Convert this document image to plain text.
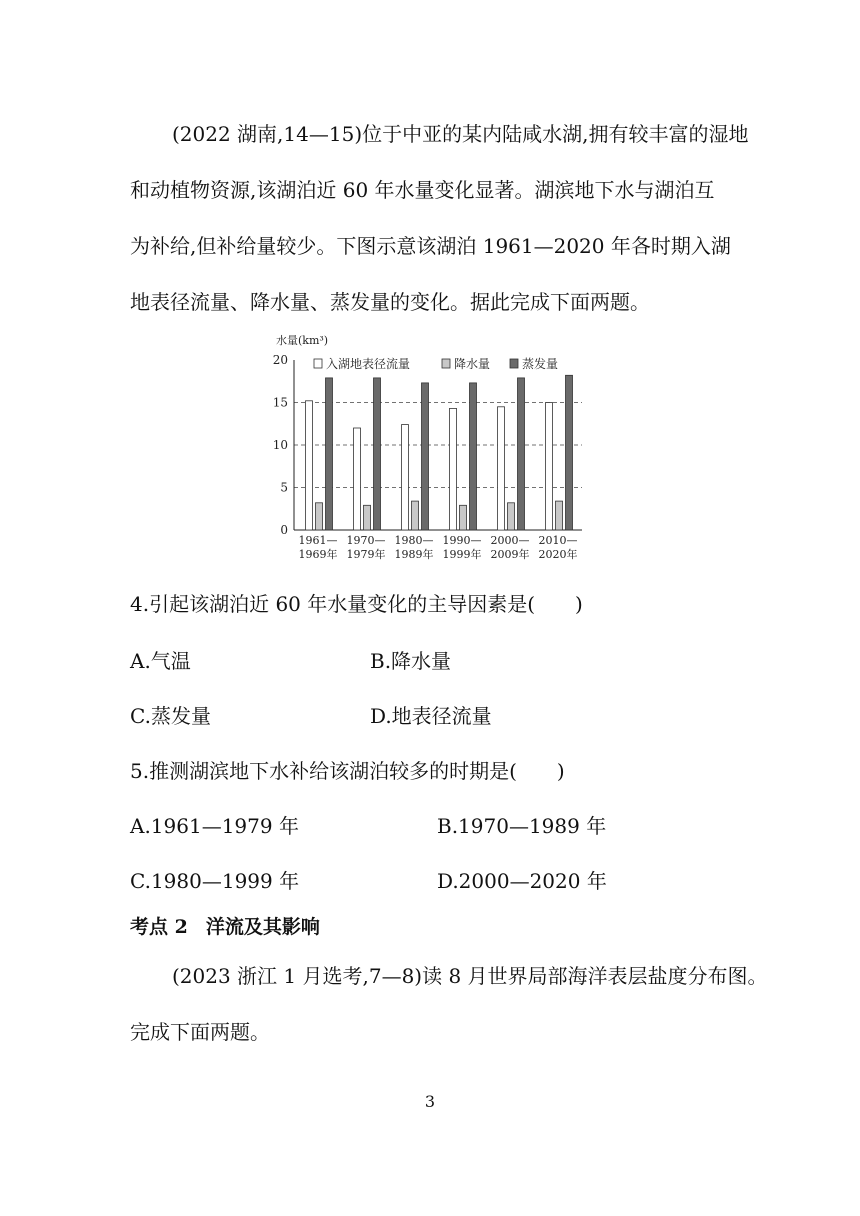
(2022 湖南,14—15)位于中亚的某内陆咸水湖,拥有较丰富的湿地
和动植物资源,该湖泊近 60 年水量变化显著。湖滨地下水与湖泊互
为补给,但补给量较少。下图示意该湖泊 1961—2020 年各时期入湖
地表径流量、降水量、蒸发量的变化。据此完成下面两题。

水量(km³)
0
5
10
15
20
1961—
1969年
1970—
1979年
1980—
1989年
1990—
1999年
2000—
2009年
2010—
2020年
入湖地表径流量	降水量	蒸发量
4.引起该湖泊近 60 年水量变化的主导因素是(　　)
A.气温	B.降水量
C.蒸发量	D.地表径流量
5.推测湖滨地下水补给该湖泊较多的时期是(　　)
A.1961—1979 年	B.1970—1989 年
C.1980—1999 年	D.2000—2020 年
考点 2 洋流及其影响

(2023 浙江 1 月选考,7—8)读 8 月世界局部海洋表层盐度分布图。
完成下面两题。

3
